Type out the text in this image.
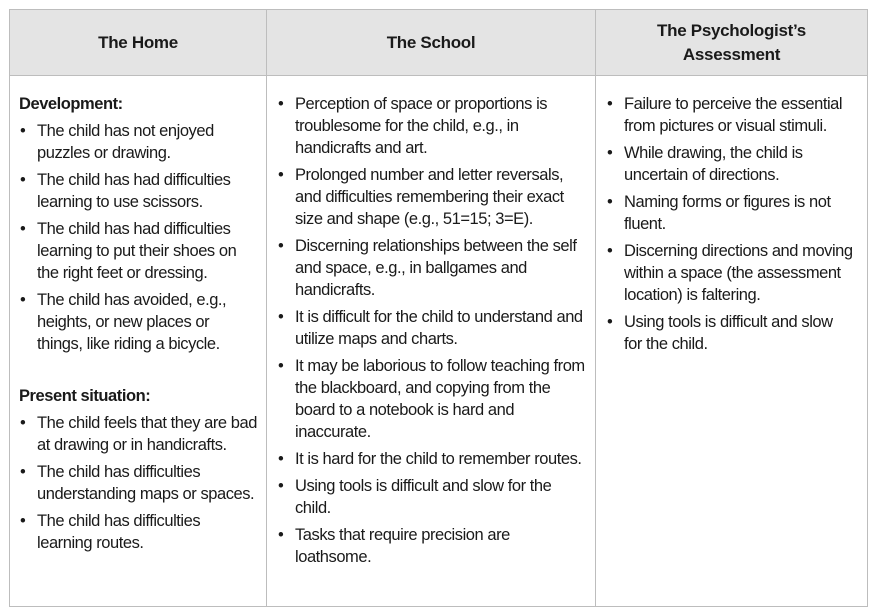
The Home	The School
The Psychologist’s Assessment
Development:
• The child has not enjoyed puzzles or drawing.
• The child has had difficulties learning to use scissors.
• The child has had difficulties learning to put their shoes on the right feet or dressing.
• The child has avoided, e.g., heights, or new places or things, like riding a bicycle.
Present situation:
• The child feels that they are bad at drawing or in handicrafts.
• The child has difficulties understanding maps or spaces.
• The child has difficulties learning routes.
• Perception of space or proportions is troublesome for the child, e.g., in handicrafts and art.
• Prolonged number and letter reversals, and difficulties remembering their exact size and shape (e.g., 51=15; 3=E).
• Discerning relationships between the self and space, e.g., in ballgames and handicrafts.
• It is difficult for the child to understand and utilize maps and charts.
• It may be laborious to follow teaching from the blackboard, and copying from the board to a notebook is hard and inaccurate.
• It is hard for the child to remember routes.
• Using tools is difficult and slow for the child.
• Tasks that require precision are loathsome.
• Failure to perceive the essential from pictures or visual stimuli.
• While drawing, the child is uncertain of directions.
• Naming forms or figures is not fluent.
• Discerning directions and moving within a space (the assessment location) is faltering.
• Using tools is difficult and slow for the child.
